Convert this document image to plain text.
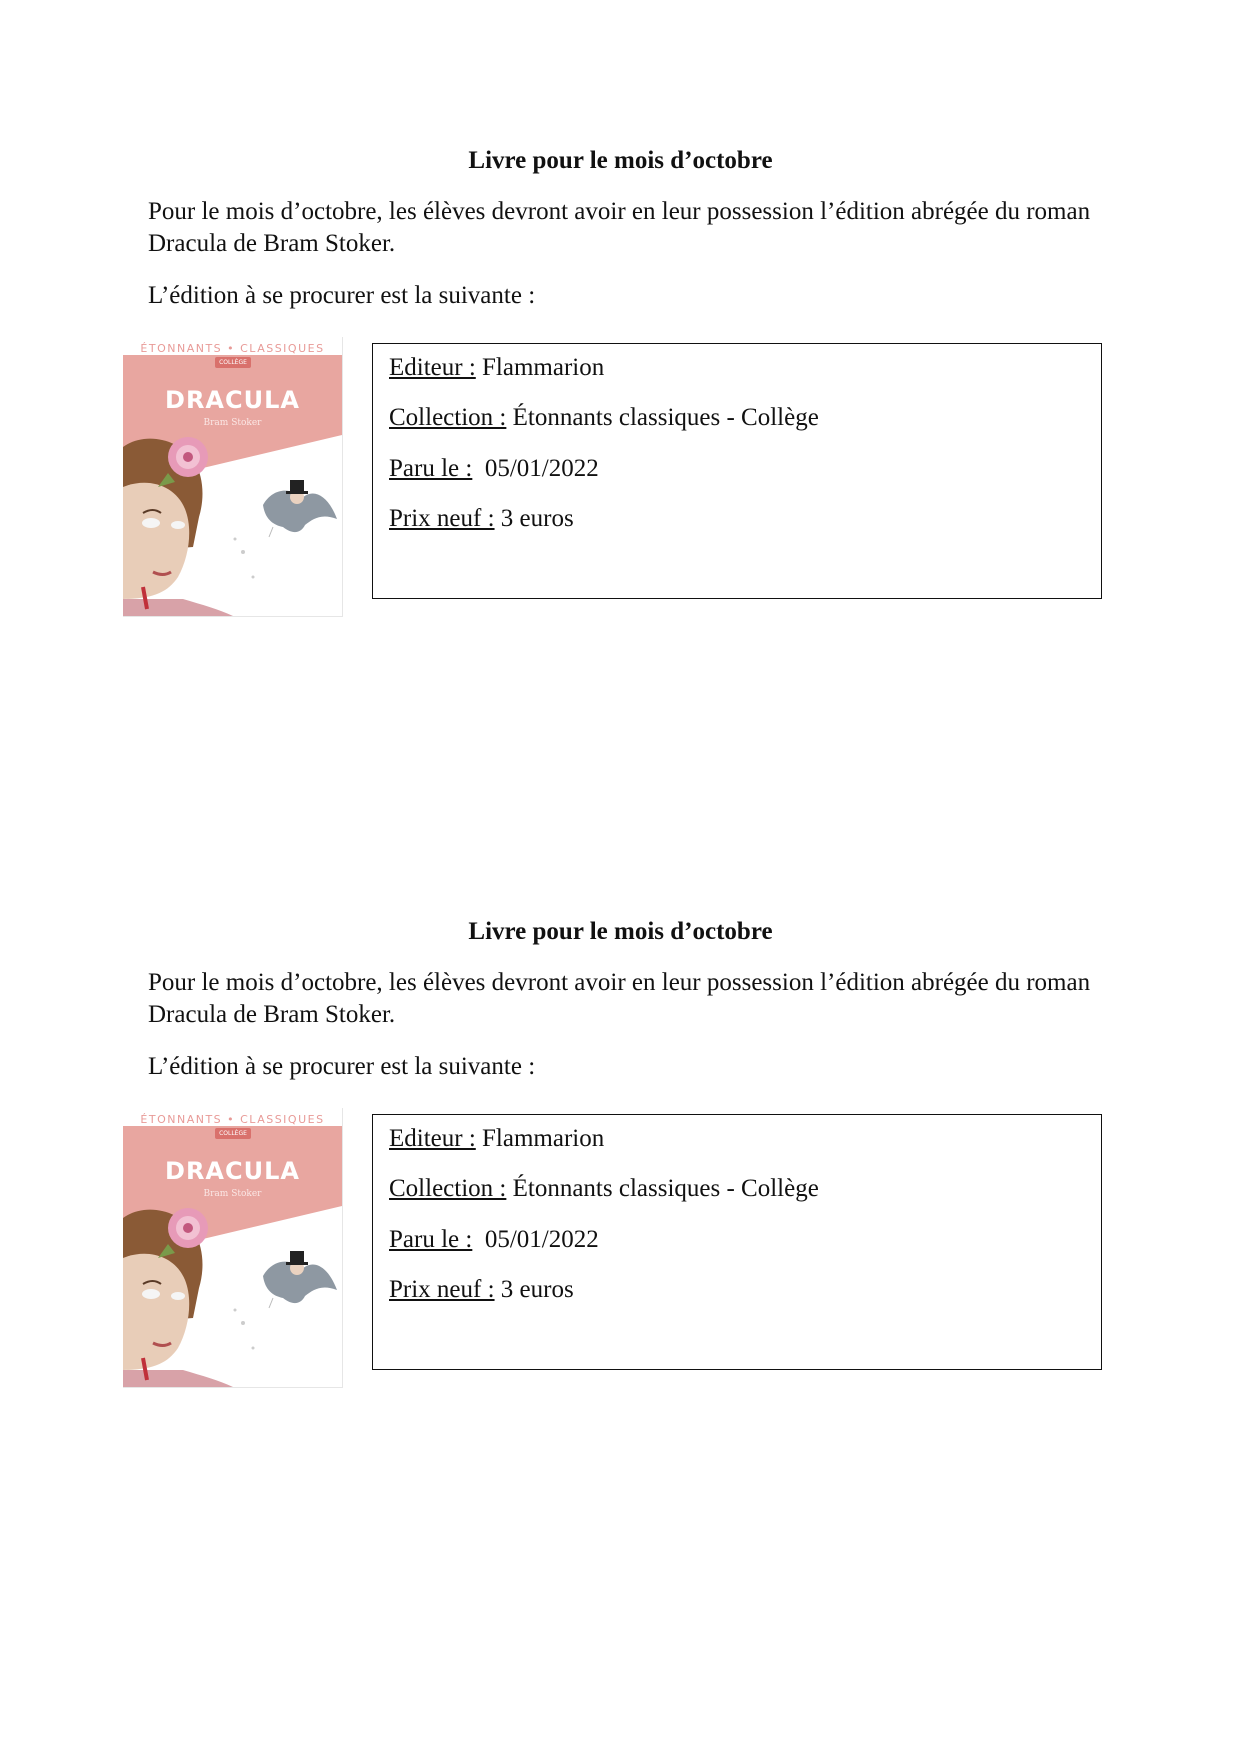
Livre pour le mois d’octobre
Pour le mois d’octobre, les élèves devront avoir en leur possession l’édition abrégée du roman Dracula de Bram Stoker.
L’édition à se procurer est la suivante :
ÉTONNANTS • CLASSIQUES
COLLÈGE
DRACULA
Bram Stoker
Editeur : Flammarion
Collection : Étonnants classiques - Collège
Paru le :  05/01/2022
Prix neuf : 3 euros
Livre pour le mois d’octobre
Pour le mois d’octobre, les élèves devront avoir en leur possession l’édition abrégée du roman Dracula de Bram Stoker.
L’édition à se procurer est la suivante :
ÉTONNANTS • CLASSIQUES
COLLÈGE
DRACULA
Bram Stoker
Editeur : Flammarion
Collection : Étonnants classiques - Collège
Paru le :  05/01/2022
Prix neuf : 3 euros
